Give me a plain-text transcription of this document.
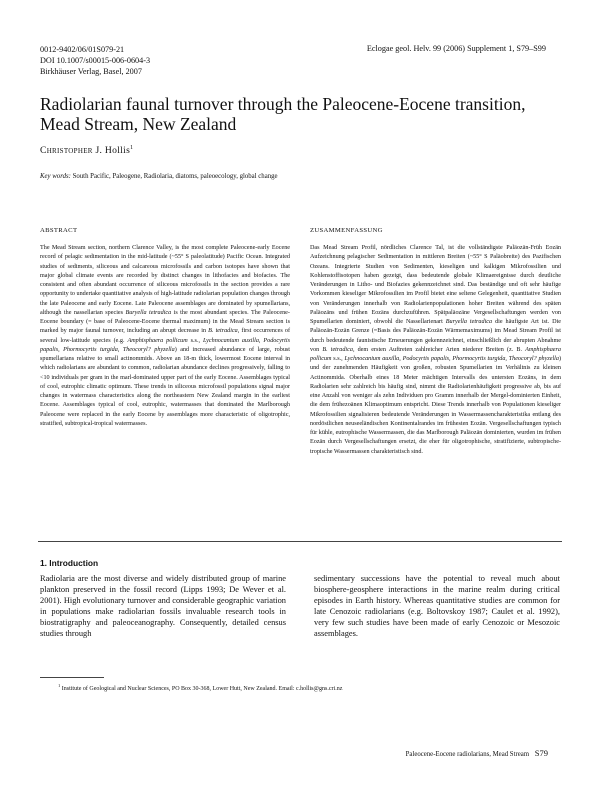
0012-9402/06/01S079-21
DOI 10.1007/s00015-006-0604-3
Birkhäuser Verlag, Basel, 2007
Eclogae geol. Helv. 99 (2006) Supplement 1, S79–S99
Radiolarian faunal turnover through the Paleocene-Eocene transition, Mead Stream, New Zealand
Christopher J. Hollis$^1$
Key words: South Pacific, Paleogene, Radiolaria, diatoms, paleoecology, global change
ABSTRACT
The Mead Stream section, northern Clarence Valley, is the most complete Paleocene-early Eocene record of pelagic sedimentation in the mid-latitude (~55° S paleolatitude) Pacific Ocean. Integrated studies of sediments, siliceous and calcareous microfossils and carbon isotopes have shown that major global climate events are recorded by distinct changes in lithofacies and biofacies. The consistent and often abundant occurrence of siliceous microfossils in the section provides a rare opportunity to undertake quantitative analysis of high-latitude radiolarian population changes through the late Paleocene and early Eocene. Late Paleocene assemblages are dominated by spumellarians, although the nassellarian species Buryella tetradica is the most abundant species. The Paleocene-Eocene boundary (= base of Paleocene-Eocene thermal maximum) in the Mead Stream section is marked by major faunal turnover, including an abrupt decrease in B. tetradica, first occurrences of several low-latitude species (e.g. Amphisphaera pollicum s.s., Lychnocanium auxilla, Podocyrtis papalis, Phormocyrtis turgida, Theocoryl? phyzella) and increased abundance of large, robust spumellarians relative to small actinommids. Above an 18-m thick, lowermost Eocene interval in which radiolarians are abundant to common, radiolarian abundance declines progressively, falling to <10 individuals per gram in the marl-dominated upper part of the early Eocene. Assemblages typical of cool, eutrophic climatic optimum. These trends in siliceous microfossil populations signal major changes in watermass characteristics along the northeastern New Zealand margin in the earliest Eocene. Assemblages typical of cool, eutrophic, watermasses that dominated the Marlborough Paleocene were replaced in the early Eocene by assemblages more characteristic of oligotrophic, stratified, subtropical-tropical watermasses.
ZUSAMMENFASSUNG
Das Mead Stream Profil, nördliches Clarence Tal, ist die vollständigste Paläozän-Früh Eozän Aufzeichnung pelagischer Sedimentation in mittleren Breiten (~55° S Paläobreite) des Pazifischen Ozeans. Integrierte Studien von Sedimenten, kieseligen und kalkigen Mikrofossilien und Kohlenstoffisotopen haben gezeigt, dass bedeutende globale Klimaereignisse durch deutliche Veränderungen in Litho- und Biofazies gekennzeichnet sind. Das beständige und oft sehr häufige Vorkommen kieseliger Mikrofossilien im Profil bietet eine seltene Gelegenheit, quantitative Studien von Veränderungen innerhalb von Radiolarienpopulationen hoher Breiten während des späten Paläozäns und frühen Eozäns durchzuführen. Spätpaläozäne Vergesellschaftungen werden von Spumellarien dominiert, obwohl die Nassellarienart Buryella tetradica die häufigste Art ist. Die Paläozän-Eozän Grenze (=Basis des Paläozän-Eozän Wärmemaximums) im Mead Stream Profil ist durch bedeutende faunistische Erneuerungen gekennzeichnet, einschließlich der abrupten Abnahme von B. tetradica, dem ersten Auftreten zahlreicher Arten niederer Breiten (z. B. Amphisphaera pollicum s.s., Lychnocanium auxilla, Podocyrtis papalis, Phormocyrtis turgida, Theocoryl? phyzella) und der zunehmenden Häufigkeit von großen, robusten Spumellarien im Verhältnis zu kleinen Actinommida. Oberhalb eines 18 Meter mächtigen Intervalls des untersten Eozäns, in dem Radiolarien sehr zahlreich bis häufig sind, nimmt die Radiolarienhäufigkeit progressive ab, bis auf eine Anzahl von weniger als zehn Individuen pro Gramm innerhalb der Mergel-dominierten Einheit, die dem frühezoänen Klimaoptimum entspricht. Diese Trends innerhalb von Populationen kieseliger Mikrofossilien signalisieren bedeutende Veränderungen in Wassermassencharakteristika entlang des nordöstlichen neuseeländischen Kontinentalrandes im frühesten Eozän. Vergesellschaftungen typisch für kühle, eutrophische Wassermassen, die das Marlborough Paläozän dominierten, wurden im frühen Eozän durch Vergesellschaftungen ersetzt, die eher für oligotrophische, stratifizierte, subtropische-tropische Wassermassen charakteristisch sind.
1. Introduction
Radiolaria are the most diverse and widely distributed group of marine plankton preserved in the fossil record (Lipps 1993; De Wever et al. 2001). High evolutionary turnover and considerable geographic variation in populations make radiolarian fossils invaluable research tools in biostratigraphy and paleoceanography. Consequently, detailed census studies through
sedimentary successions have the potential to reveal much about biosphere-geosphere interactions in the marine realm during critical episodes in Earth history. Whereas quantitative studies are common for late Cenozoic radiolarians (e.g. Boltovskoy 1987; Caulet et al. 1992), very few such studies have been made of early Cenozoic or Mesozoic assemblages.
$^1$ Institute of Geological and Nuclear Sciences, PO Box 30-368, Lower Hutt, New Zealand. Email: c.hollis@gns.cri.nz
Paleocene-Eocene radiolarians, Mead Stream S79
